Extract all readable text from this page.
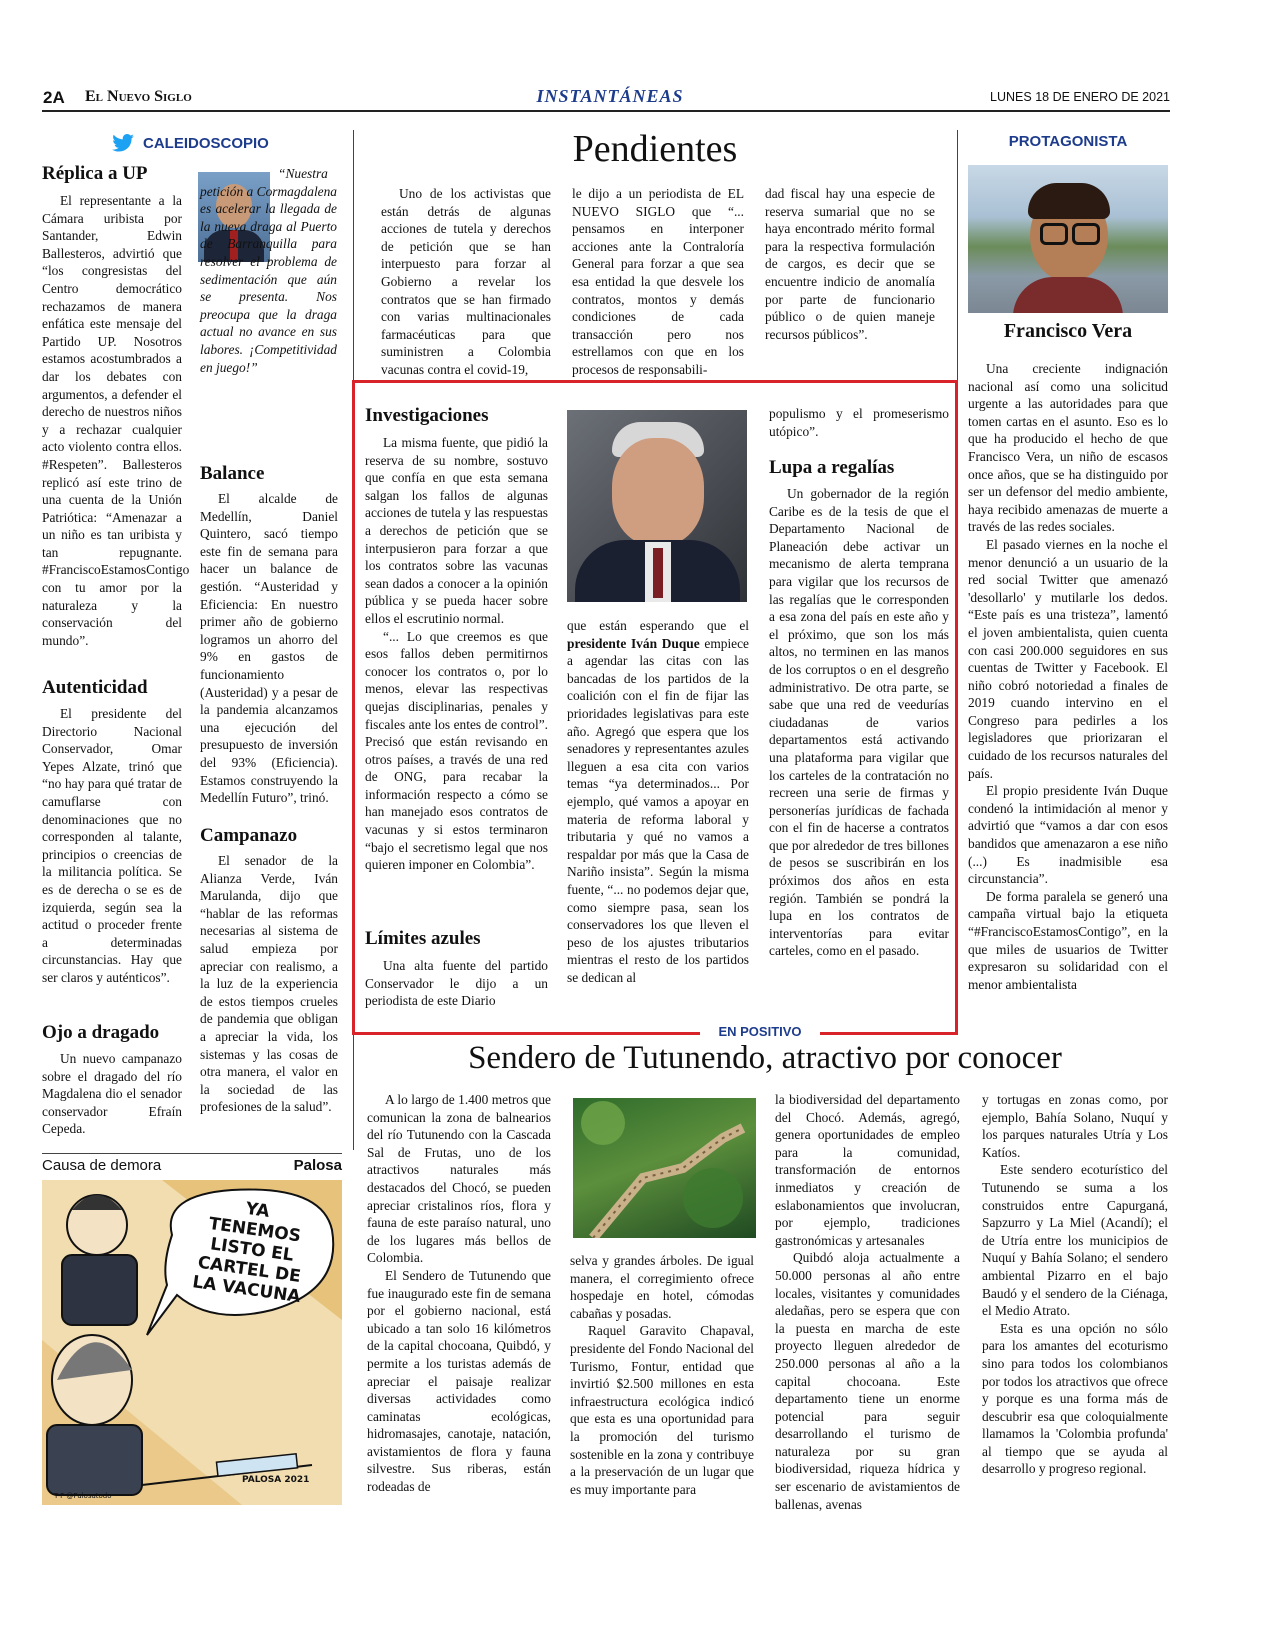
2A El Nuevo Siglo	INSTANTÁNEAS	LUNES 18 DE ENERO DE 2021
CALEIDOSCOPIO
Réplica a UP

El representante a la Cámara uribista por Santander, Edwin Ballesteros, advirtió que “los congresistas del Centro democrático rechazamos de manera enfática este mensaje del Partido UP. Nosotros estamos acostumbrados a dar los debates con argumentos, a defender el derecho de nuestros niños y a rechazar cualquier acto violento contra ellos. #Respeten”. Ballesteros replicó así este trino de una cuenta de la Unión Patriótica: “Amenazar a un niño es tan uribista y tan repugnante. #FranciscoEstamosContigo con tu amor por la naturaleza y la conservación del mundo”.

“Nuestra petición a Cormagdalena es acelerar la llegada de la nueva draga al Puerto de Barranquilla para resolver el problema de sedimentación que aún se presenta. Nos preocupa que la draga actual no avance en sus labores. ¡Competitividad en juego!”
Balance

El alcalde de Medellín, Daniel Quintero, sacó tiempo este fin de semana para hacer un balance de gestión. “Austeridad y Eficiencia: En nuestro primer año de gobierno logramos un ahorro del 9% en gastos de funcionamiento (Austeridad) y a pesar de la pandemia alcanzamos una ejecución del presupuesto de inversión del 93% (Eficiencia). Estamos construyendo la Medellín Futuro”, trinó.

Campanazo

El senador de la Alianza Verde, Iván Marulanda, dijo que “hablar de las reformas necesarias al sistema de salud empieza por apreciar con realismo, a la luz de la experiencia de estos tiempos crueles de pandemia que obligan a apreciar la vida, los sistemas y las cosas de otra manera, el valor en la sociedad de las profesiones de la salud”.

Autenticidad

El presidente del Directorio Nacional Conservador, Omar Yepes Alzate, trinó que “no hay para qué tratar de camuflarse con denominaciones que no corresponden al talante, principios o creencias de la militancia política. Se es de derecha o se es de izquierda, según sea la actitud o proceder frente a determinadas circunstancias. Hay que ser claros y auténticos”.

Ojo a dragado

Un nuevo campanazo sobre el dragado del río Magdalena dio el senador conservador Efraín Cepeda.

Causa de demora	Palosa
YA TENEMOS LISTO EL CARTEL DE LA VACUNA
PALOSA 2021
T-F @Palosatodo
Pendientes

Uno de los activistas que están detrás de algunas acciones de tutela y derechos de petición que se han interpuesto para forzar al Gobierno a revelar los contratos que se han firmado con varias multinacionales farmacéuticas para que suministren a Colombia vacunas contra el covid-19,

le dijo a un periodista de EL NUEVO SIGLO que “... pensamos en interponer acciones ante la Contraloría General para forzar a que sea esa entidad la que desvele los contratos, montos y demás condiciones de cada transacción pero nos estrellamos con que en los procesos de responsabili-
dad fiscal hay una especie de reserva sumarial que no se haya encontrado mérito formal para la respectiva formulación de cargos, es decir que se encuentre indicio de anomalía por parte de funcionario público o de quien maneje recursos públicos”.
PROTAGONISTA
Francisco Vera

Una creciente indignación nacional así como una solicitud urgente a las autoridades para que tomen cartas en el asunto. Eso es lo que ha producido el hecho de que Francisco Vera, un niño de escasos once años, que se ha distinguido por ser un defensor del medio ambiente, haya recibido amenazas de muerte a través de las redes sociales.

El pasado viernes en la noche el menor denunció a un usuario de la red social Twitter que amenazó 'desollarlo' y mutilarle los dedos. “Este país es una tristeza”, lamentó el joven ambientalista, quien cuenta con casi 200.000 seguidores en sus cuentas de Twitter y Facebook. El niño cobró notoriedad a finales de 2019 cuando intervino en el Congreso para pedirles a los legisladores que priorizaran el cuidado de los recursos naturales del país.

El propio presidente Iván Duque condenó la intimidación al menor y advirtió que “vamos a dar con esos bandidos que amenazaron a ese niño (...) Es inadmisible esa circunstancia”.

De forma paralela se generó una campaña virtual bajo la etiqueta “#FranciscoEstamosContigo”, en la que miles de usuarios de Twitter expresaron su solidaridad con el menor ambientalista

Investigaciones

La misma fuente, que pidió la reserva de su nombre, sostuvo que confía en que esta semana salgan los fallos de algunas acciones de tutela y las respuestas a derechos de petición que se interpusieron para forzar a que los contratos sobre las vacunas sean dados a conocer a la opinión pública y se pueda hacer sobre ellos el escrutinio normal.

“... Lo que creemos es que esos fallos deben permitirnos conocer los contratos o, por lo menos, elevar las respectivas quejas disciplinarias, penales y fiscales ante los entes de control”. Precisó que están revisando en otros países, a través de una red de ONG, para recabar la información respecto a cómo se han manejado esos contratos de vacunas y si estos terminaron “bajo el secretismo legal que nos quieren imponer en Colombia”.

Límites azules

Una alta fuente del partido Conservador le dijo a un periodista de este Diario

que están esperando que el presidente Iván Duque empiece a agendar las citas con las bancadas de los partidos de la coalición con el fin de fijar las prioridades legislativas para este año. Agregó que espera que los senadores y representantes azules lleguen a esa cita con varios temas “ya determinados... Por ejemplo, qué vamos a apoyar en materia de reforma laboral y tributaria y qué no vamos a respaldar por más que la Casa de Nariño insista”. Según la misma fuente, “... no podemos dejar que, como siempre pasa, sean los conservadores los que lleven el peso de los ajustes tributarios mientras el resto de los partidos se dedican al
populismo y el promeserismo utópico”.
Lupa a regalías

Un gobernador de la región Caribe es de la tesis de que el Departamento Nacional de Planeación debe activar un mecanismo de alerta temprana para vigilar que los recursos de las regalías que le corresponden a esa zona del país en este año y el próximo, que son los más altos, no terminen en las manos de los corruptos o en el desgreño administrativo. De otra parte, se sabe que una red de veedurías ciudadanas de varios departamentos está activando una plataforma para vigilar que los carteles de la contratación no recreen una serie de firmas y personerías jurídicas de fachada con el fin de hacerse a contratos que por alrededor de tres billones de pesos se suscribirán en los próximos dos años en esta región. También se pondrá la lupa en los contratos de interventorías para evitar carteles, como en el pasado.

EN POSITIVO
Sendero de Tutunendo, atractivo por conocer

A lo largo de 1.400 metros que comunican la zona de balnearios del río Tutunendo con la Cascada Sal de Frutas, uno de los atractivos naturales más destacados del Chocó, se pueden apreciar cristalinos ríos, flora y fauna de este paraíso natural, uno de los lugares más bellos de Colombia.

El Sendero de Tutunendo que fue inaugurado este fin de semana por el gobierno nacional, está ubicado a tan solo 16 kilómetros de la capital chocoana, Quibdó, y permite a los turistas además de apreciar el paisaje realizar diversas actividades como caminatas ecológicas, hidromasajes, canotaje, natación, avistamientos de flora y fauna silvestre. Sus riberas, están rodeadas de

selva y grandes árboles. De igual manera, el corregimiento ofrece hospedaje en hotel, cómodas cabañas y posadas.

Raquel Garavito Chapaval, presidente del Fondo Nacional del Turismo, Fontur, entidad que invirtió $2.500 millones en esta infraestructura ecológica indicó que esta es una oportunidad para la promoción del turismo sostenible en la zona y contribuye a la preservación de un lugar que es muy importante para

la biodiversidad del departamento del Chocó. Además, agregó, genera oportunidades de empleo para la comunidad, transformación de entornos inmediatos y creación de eslabonamientos que involucran, por ejemplo, tradiciones gastronómicas y artesanales

Quibdó aloja actualmente a 50.000 personas al año entre locales, visitantes y comunidades aledañas, pero se espera que con la puesta en marcha de este proyecto lleguen alrededor de 250.000 personas al año a la capital chocoana. Este departamento tiene un enorme potencial para seguir desarrollando el turismo de naturaleza por su gran biodiversidad, riqueza hídrica y ser escenario de avistamientos de ballenas, avenas

y tortugas en zonas como, por ejemplo, Bahía Solano, Nuquí y los parques naturales Utría y Los Katíos.

Este sendero ecoturístico del Tutunendo se suma a los construidos entre Capurganá, Sapzurro y La Miel (Acandí); el de Utría entre los municipios de Nuquí y Bahía Solano; el sendero ambiental Pizarro en el bajo Baudó y el sendero de la Ciénaga, el Medio Atrato.

Esta es una opción no sólo para los amantes del ecoturismo sino para todos los colombianos por todos los atractivos que ofrece y porque es una forma más de descubrir esa que coloquialmente llamamos la 'Colombia profunda' al tiempo que se ayuda al desarrollo y progreso regional.
